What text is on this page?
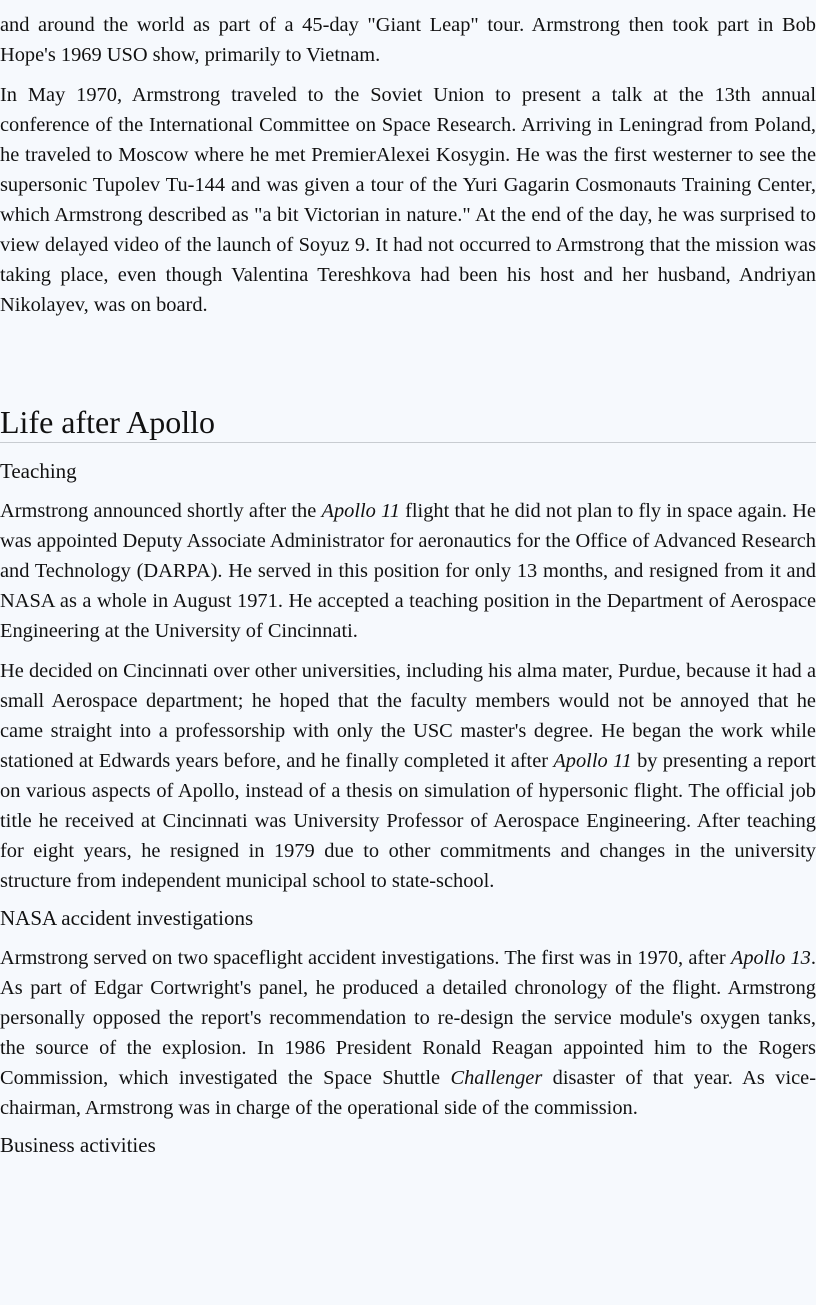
and around the world as part of a 45-day "Giant Leap" tour. Armstrong then took part in Bob Hope's 1969 USO show, primarily to Vietnam.

In May 1970, Armstrong traveled to the Soviet Union to present a talk at the 13th annual conference of the International Committee on Space Research. Arriving in Leningrad from Poland, he traveled to Moscow where he met PremierAlexei Kosygin. He was the first westerner to see the supersonic Tupolev Tu-144 and was given a tour of the Yuri Gagarin Cosmonauts Training Center, which Armstrong described as "a bit Victorian in nature." At the end of the day, he was surprised to view delayed video of the launch of Soyuz 9. It had not occurred to Armstrong that the mission was taking place, even though Valentina Tereshkova had been his host and her husband, Andriyan Nikolayev, was on board.

Life after Apollo
Teaching

Armstrong announced shortly after the Apollo 11 flight that he did not plan to fly in space again. He was appointed Deputy Associate Administrator for aeronautics for the Office of Advanced Research and Technology (DARPA). He served in this position for only 13 months, and resigned from it and NASA as a whole in August 1971. He accepted a teaching position in the Department of Aerospace Engineering at the University of Cincinnati.

He decided on Cincinnati over other universities, including his alma mater, Purdue, because it had a small Aerospace department; he hoped that the faculty members would not be annoyed that he came straight into a professorship with only the USC master's degree. He began the work while stationed at Edwards years before, and he finally completed it after Apollo 11 by presenting a report on various aspects of Apollo, instead of a thesis on simulation of hypersonic flight. The official job title he received at Cincinnati was University Professor of Aerospace Engineering. After teaching for eight years, he resigned in 1979 due to other commitments and changes in the university structure from independent municipal school to state-school.

NASA accident investigations

Armstrong served on two spaceflight accident investigations. The first was in 1970, after Apollo 13. As part of Edgar Cortwright's panel, he produced a detailed chronology of the flight. Armstrong personally opposed the report's recommendation to re-design the service module's oxygen tanks, the source of the explosion. In 1986 President Ronald Reagan appointed him to the Rogers Commission, which investigated the Space Shuttle Challenger disaster of that year. As vice-chairman, Armstrong was in charge of the operational side of the commission.

Business activities
